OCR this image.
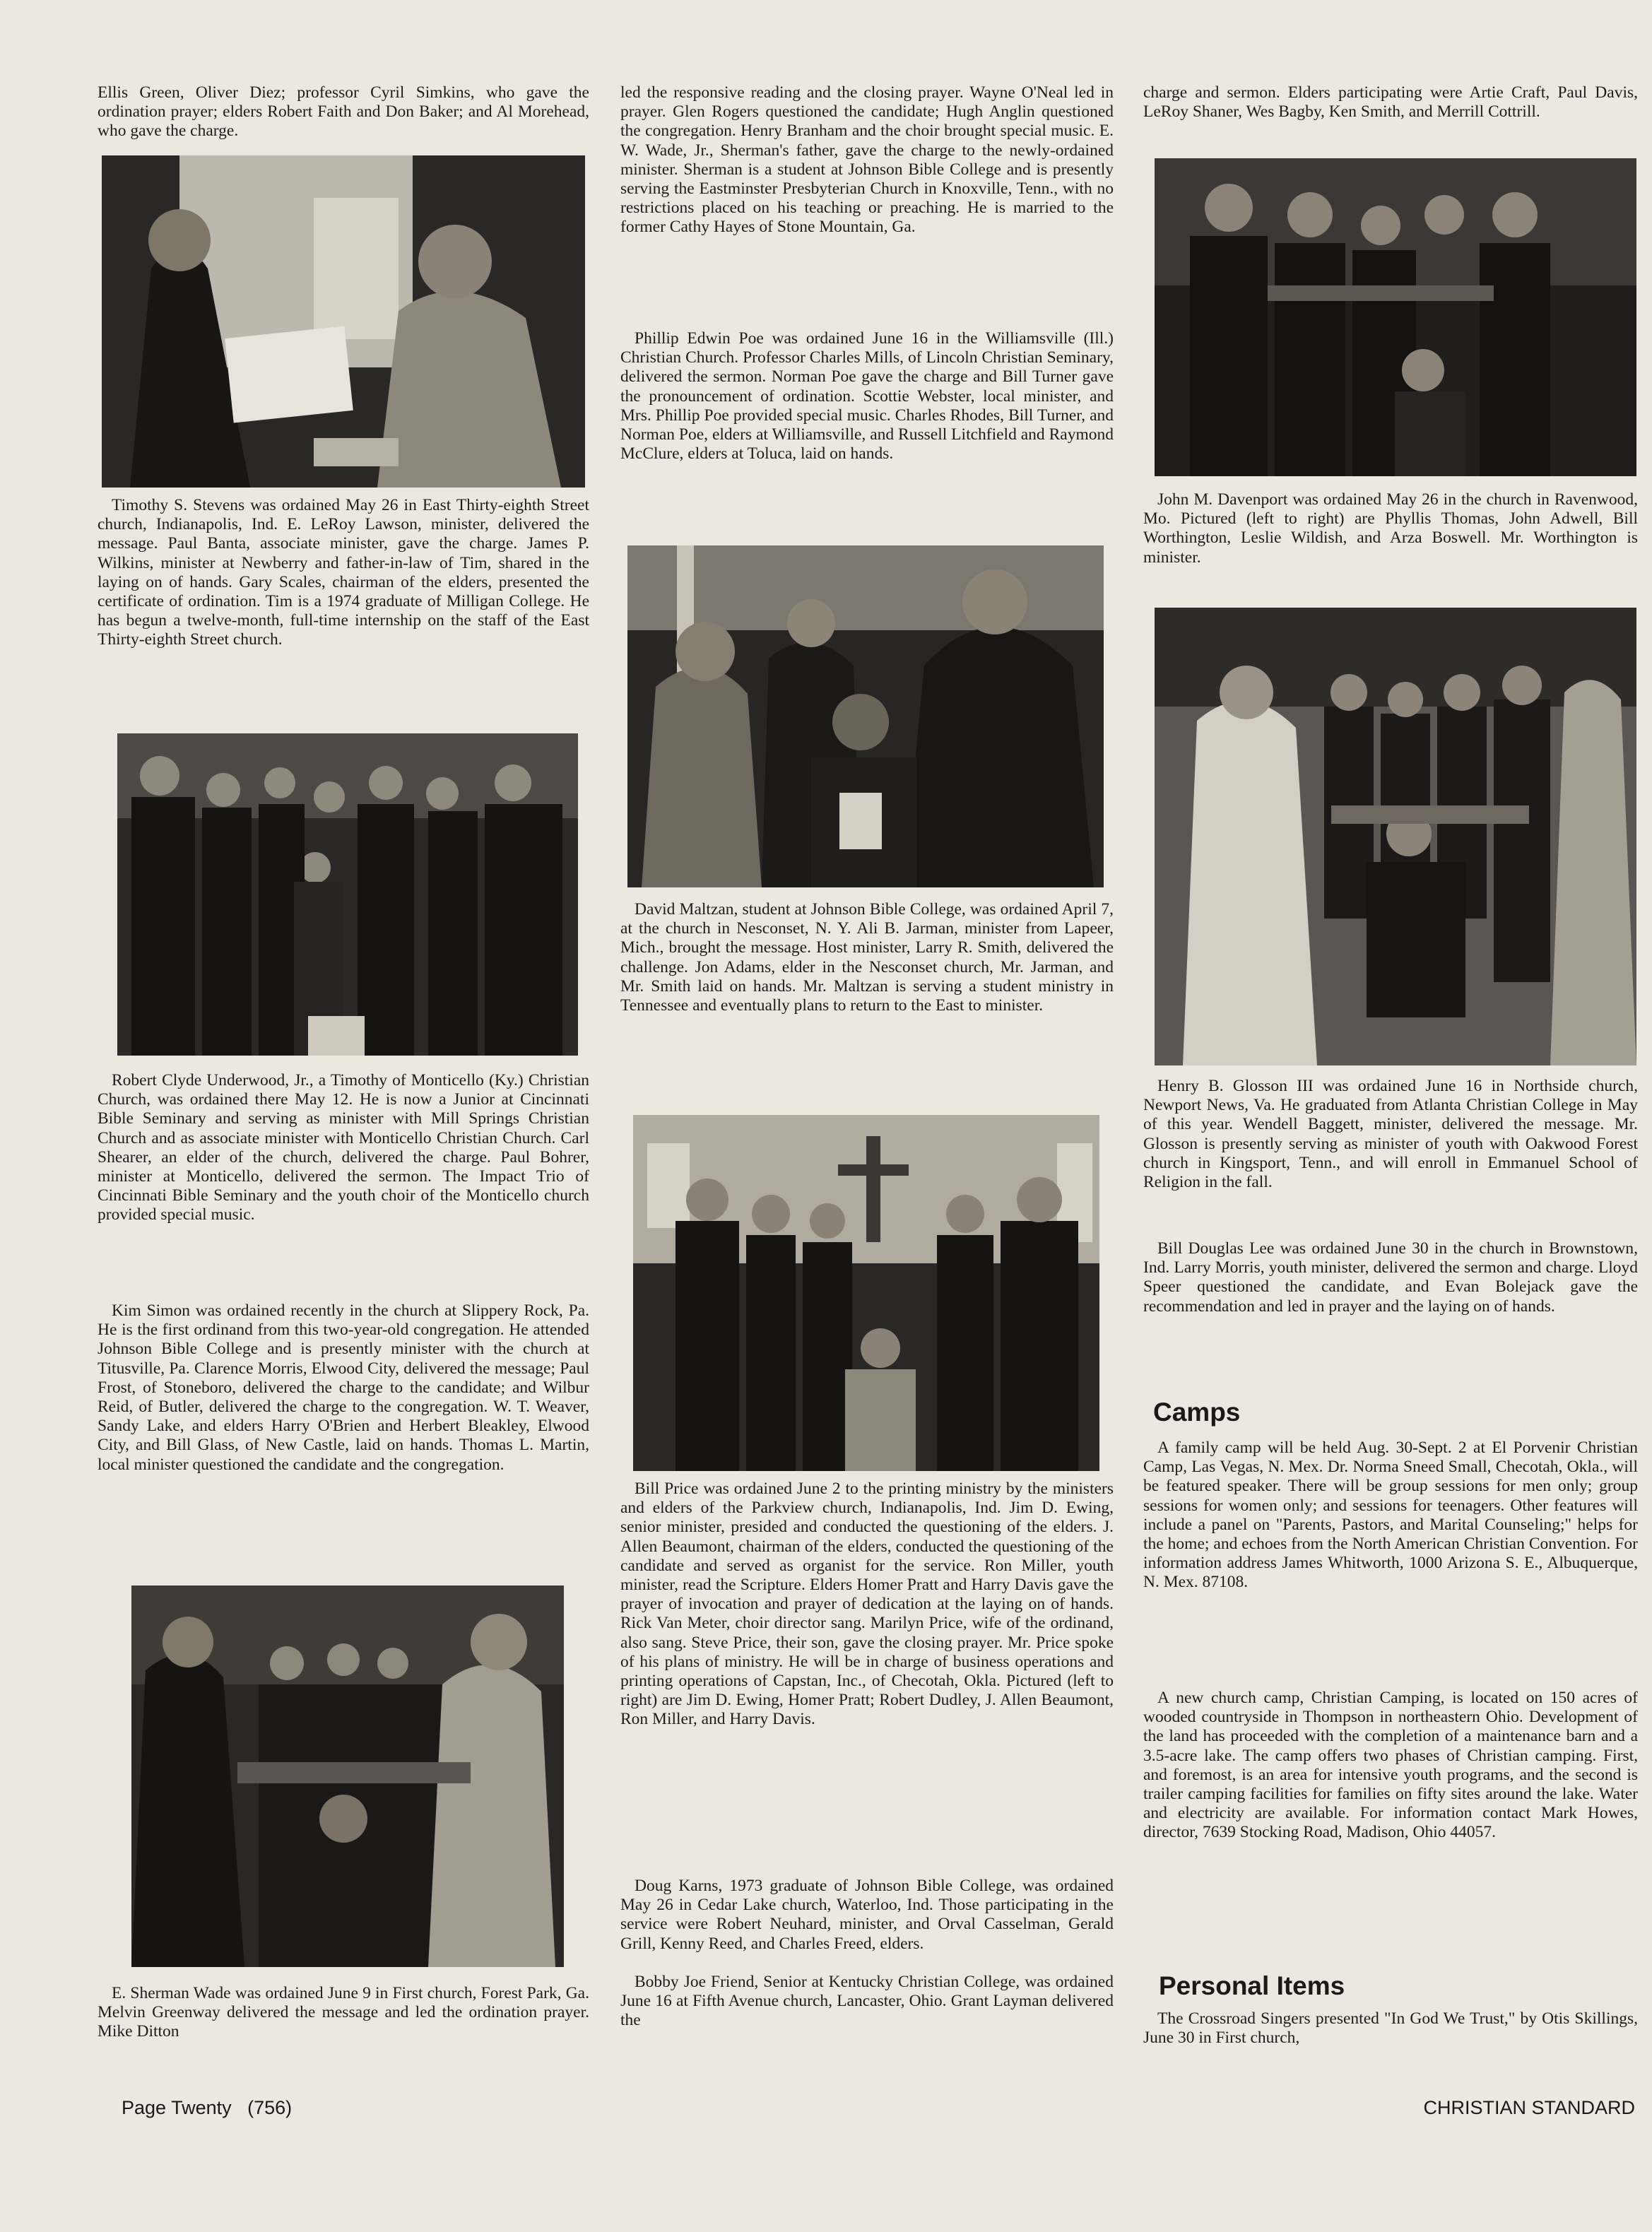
Ellis Green, Oliver Diez; professor Cyril Simkins, who gave the ordination prayer; elders Robert Faith and Don Baker; and Al Morehead, who gave the charge.

Timothy S. Stevens was ordained May 26 in East Thirty-eighth Street church, Indianapolis, Ind. E. LeRoy Lawson, minister, delivered the message. Paul Banta, associate minister, gave the charge. James P. Wilkins, minister at Newberry and father-in-law of Tim, shared in the laying on of hands. Gary Scales, chairman of the elders, presented the certificate of ordination. Tim is a 1974 graduate of Milligan College. He has begun a twelve-month, full-time internship on the staff of the East Thirty-eighth Street church.

Robert Clyde Underwood, Jr., a Timothy of Monticello (Ky.) Christian Church, was ordained there May 12. He is now a Junior at Cincinnati Bible Seminary and serving as minister with Mill Springs Christian Church and as associate minister with Monticello Christian Church. Carl Shearer, an elder of the church, delivered the charge. Paul Bohrer, minister at Monticello, delivered the sermon. The Impact Trio of Cincinnati Bible Seminary and the youth choir of the Monticello church provided special music.

Kim Simon was ordained recently in the church at Slippery Rock, Pa. He is the first ordinand from this two-year-old congregation. He attended Johnson Bible College and is presently minister with the church at Titusville, Pa. Clarence Morris, Elwood City, delivered the message; Paul Frost, of Stoneboro, delivered the charge to the candidate; and Wilbur Reid, of Butler, delivered the charge to the congregation. W. T. Weaver, Sandy Lake, and elders Harry O'Brien and Herbert Bleakley, Elwood City, and Bill Glass, of New Castle, laid on hands. Thomas L. Martin, local minister questioned the candidate and the congregation.

E. Sherman Wade was ordained June 9 in First church, Forest Park, Ga. Melvin Greenway delivered the message and led the ordination prayer. Mike Ditton

led the responsive reading and the closing prayer. Wayne O'Neal led in prayer. Glen Rogers questioned the candidate; Hugh Anglin questioned the congregation. Henry Branham and the choir brought special music. E. W. Wade, Jr., Sherman's father, gave the charge to the newly-ordained minister. Sherman is a student at Johnson Bible College and is presently serving the Eastminster Presbyterian Church in Knoxville, Tenn., with no restrictions placed on his teaching or preaching. He is married to the former Cathy Hayes of Stone Mountain, Ga.

Phillip Edwin Poe was ordained June 16 in the Williamsville (Ill.) Christian Church. Professor Charles Mills, of Lincoln Christian Seminary, delivered the sermon. Norman Poe gave the charge and Bill Turner gave the pronouncement of ordination. Scottie Webster, local minister, and Mrs. Phillip Poe provided special music. Charles Rhodes, Bill Turner, and Norman Poe, elders at Williamsville, and Russell Litchfield and Raymond McClure, elders at Toluca, laid on hands.

David Maltzan, student at Johnson Bible College, was ordained April 7, at the church in Nesconset, N. Y. Ali B. Jarman, minister from Lapeer, Mich., brought the message. Host minister, Larry R. Smith, delivered the challenge. Jon Adams, elder in the Nesconset church, Mr. Jarman, and Mr. Smith laid on hands. Mr. Maltzan is serving a student ministry in Tennessee and eventually plans to return to the East to minister.

Bill Price was ordained June 2 to the printing ministry by the ministers and elders of the Parkview church, Indianapolis, Ind. Jim D. Ewing, senior minister, presided and conducted the questioning of the elders. J. Allen Beaumont, chairman of the elders, conducted the questioning of the candidate and served as organist for the service. Ron Miller, youth minister, read the Scripture. Elders Homer Pratt and Harry Davis gave the prayer of invocation and prayer of dedication at the laying on of hands. Rick Van Meter, choir director sang. Marilyn Price, wife of the ordinand, also sang. Steve Price, their son, gave the closing prayer. Mr. Price spoke of his plans of ministry. He will be in charge of business operations and printing operations of Capstan, Inc., of Checotah, Okla. Pictured (left to right) are Jim D. Ewing, Homer Pratt; Robert Dudley, J. Allen Beaumont, Ron Miller, and Harry Davis.

Doug Karns, 1973 graduate of Johnson Bible College, was ordained May 26 in Cedar Lake church, Waterloo, Ind. Those participating in the service were Robert Neuhard, minister, and Orval Casselman, Gerald Grill, Kenny Reed, and Charles Freed, elders.

Bobby Joe Friend, Senior at Kentucky Christian College, was ordained June 16 at Fifth Avenue church, Lancaster, Ohio. Grant Layman delivered the

charge and sermon. Elders participating were Artie Craft, Paul Davis, LeRoy Shaner, Wes Bagby, Ken Smith, and Merrill Cottrill.

John M. Davenport was ordained May 26 in the church in Ravenwood, Mo. Pictured (left to right) are Phyllis Thomas, John Adwell, Bill Worthington, Leslie Wildish, and Arza Boswell. Mr. Worthington is minister.

Henry B. Glosson III was ordained June 16 in Northside church, Newport News, Va. He graduated from Atlanta Christian College in May of this year. Wendell Baggett, minister, delivered the message. Mr. Glosson is presently serving as minister of youth with Oakwood Forest church in Kingsport, Tenn., and will enroll in Emmanuel School of Religion in the fall.

Bill Douglas Lee was ordained June 30 in the church in Brownstown, Ind. Larry Morris, youth minister, delivered the sermon and charge. Lloyd Speer questioned the candidate, and Evan Bolejack gave the recommendation and led in prayer and the laying on of hands.

Camps

A family camp will be held Aug. 30-Sept. 2 at El Porvenir Christian Camp, Las Vegas, N. Mex. Dr. Norma Sneed Small, Checotah, Okla., will be featured speaker. There will be group sessions for men only; group sessions for women only; and sessions for teenagers. Other features will include a panel on "Parents, Pastors, and Marital Counseling;" helps for the home; and echoes from the North American Christian Convention. For information address James Whitworth, 1000 Arizona S. E., Albuquerque, N. Mex. 87108.

A new church camp, Christian Camping, is located on 150 acres of wooded countryside in Thompson in northeastern Ohio. Development of the land has proceeded with the completion of a maintenance barn and a 3.5-acre lake. The camp offers two phases of Christian camping. First, and foremost, is an area for intensive youth programs, and the second is trailer camping facilities for families on fifty sites around the lake. Water and electricity are available. For information contact Mark Howes, director, 7639 Stocking Road, Madison, Ohio 44057.

Personal Items

The Crossroad Singers presented "In God We Trust," by Otis Skillings, June 30 in First church,

Page Twenty   (756)	CHRISTIAN STANDARD
